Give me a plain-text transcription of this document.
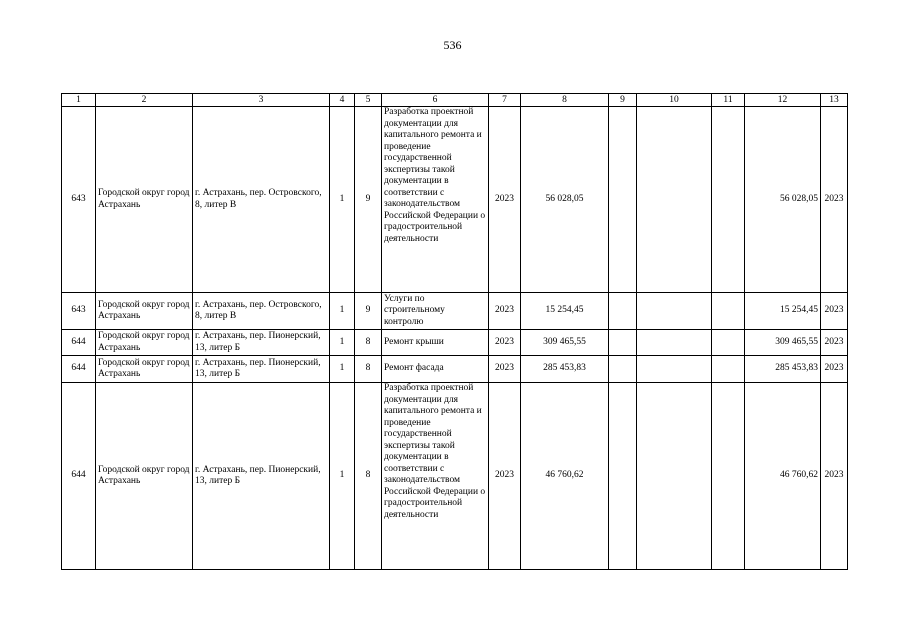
536
1	2	3	4	5	6	7	8	9	10	11	12	13
643	Городской округ город Астрахань	г. Астрахань, пер. Островского, 8, литер В	1	9	Разработка проектной документации для капитального ремонта и проведение государственной экспертизы такой документации в соответствии с законодательством Российской Федерации о градостроительной деятельности	2023	56 028,05				56 028,05	2023
643	Городской округ город Астрахань	г. Астрахань, пер. Островского, 8, литер В	1	9	Услуги по строительному контролю	2023	15 254,45				15 254,45	2023
644	Городской округ город Астрахань	г. Астрахань, пер. Пионерский, 13, литер Б	1	8	Ремонт крыши	2023	309 465,55				309 465,55	2023
644	Городской округ город Астрахань	г. Астрахань, пер. Пионерский, 13, литер Б	1	8	Ремонт фасада	2023	285 453,83				285 453,83	2023
644	Городской округ город Астрахань	г. Астрахань, пер. Пионерский, 13, литер Б	1	8	Разработка проектной документации для капитального ремонта и проведение государственной экспертизы такой документации в соответствии с законодательством Российской Федерации о градостроительной деятельности	2023	46 760,62				46 760,62	2023
